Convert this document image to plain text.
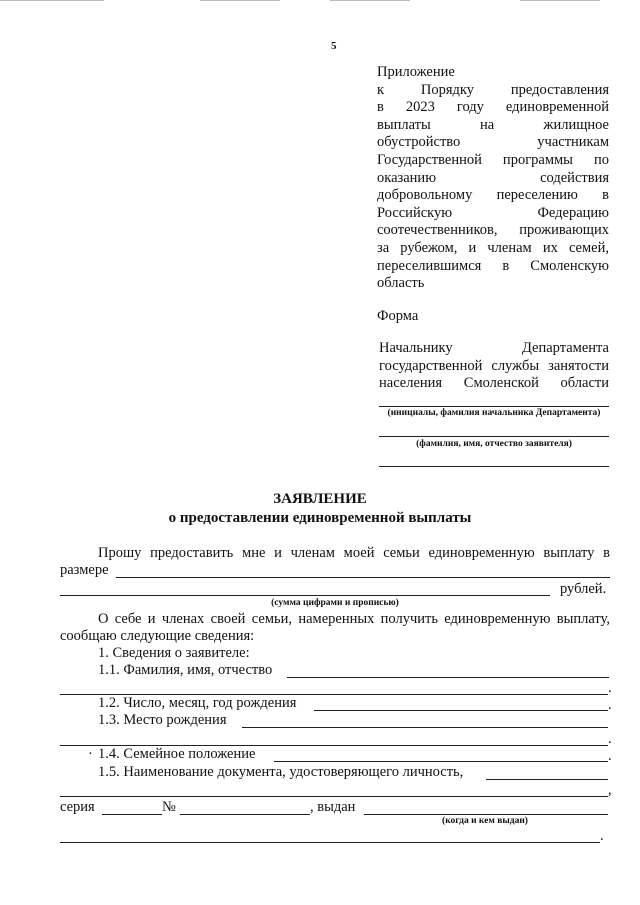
5
Приложение
к Порядку предоставления
в 2023 году единовременной
выплаты на жилищное
обустройство участникам
Государственной программы по
оказанию содействия
добровольному переселению в
Российскую Федерацию
соотечественников, проживающих
за рубежом, и членам их семей,
переселившимся в Смоленскую
область
Форма
Начальнику Департамента
государственной службы занятости
населения Смоленской области
(инициалы, фамилия начальника Департамента)
(фамилия, имя, отчество заявителя)
ЗАЯВЛЕНИЕ
о предоставлении единовременной выплаты
Прошу предоставить мне и членам моей семьи единовременную выплату в
размере
рублей.
(сумма цифрами и прописью)
О себе и членах своей семьи, намеренных получить единовременную выплату,
сообщаю следующие сведения:
1. Сведения о заявителе:
1.1. Фамилия, имя, отчество
.
1.2. Число, месяц, год рождения	.
1.3. Место рождения
.
· 1.4. Семейное положение	.
1.5. Наименование документа, удостоверяющего личность,
,
серия	№	, выдан
(когда и кем выдан)
.
